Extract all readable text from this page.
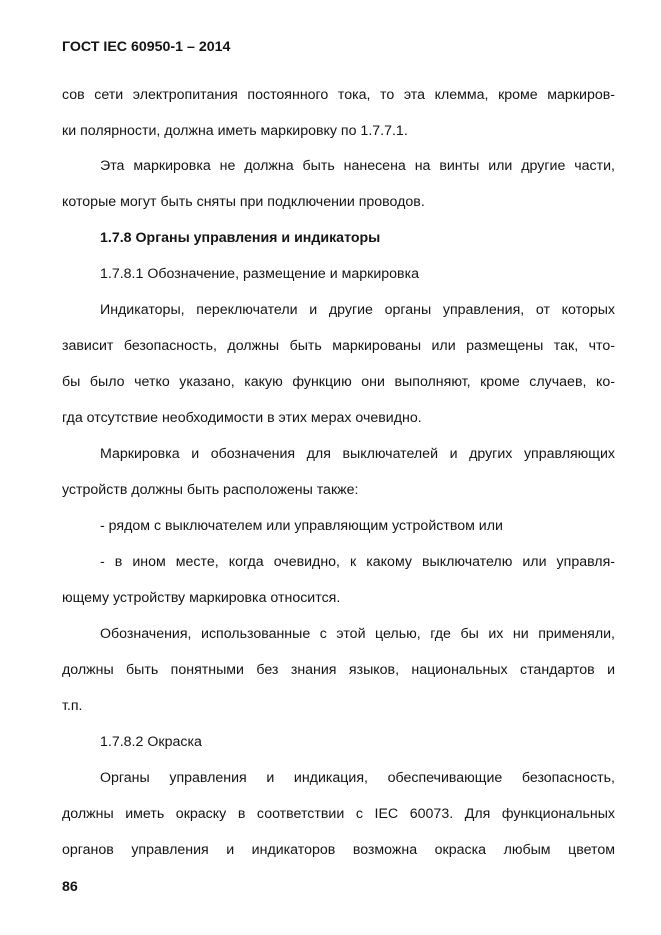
ГОСТ IEC 60950-1 – 2014
сов сети электропитания постоянного тока, то эта клемма, кроме маркиров-
ки полярности, должна иметь маркировку по 1.7.7.1.
Эта маркировка не должна быть нанесена на винты или другие части,
которые могут быть сняты при подключении проводов.
1.7.8 Органы управления и индикаторы
1.7.8.1 Обозначение, размещение и маркировка
Индикаторы, переключатели и другие органы управления, от которых
зависит безопасность, должны быть маркированы или размещены так, что-
бы было четко указано, какую функцию они выполняют, кроме случаев, ко-
гда отсутствие необходимости в этих мерах очевидно.
Маркировка и обозначения для выключателей и других управляющих
устройств должны быть расположены также:
- рядом с выключателем или управляющим устройством или
- в ином месте, когда очевидно, к какому выключателю или управля-
ющему устройству маркировка относится.
Обозначения, использованные с этой целью, где бы их ни применяли,
должны быть понятными без знания языков, национальных стандартов и
т.п.
1.7.8.2 Окраска
Органы управления и индикация, обеспечивающие безопасность,
должны иметь окраску в соответствии с IEC 60073. Для функциональных
органов управления и индикаторов возможна окраска любым цветом
86
